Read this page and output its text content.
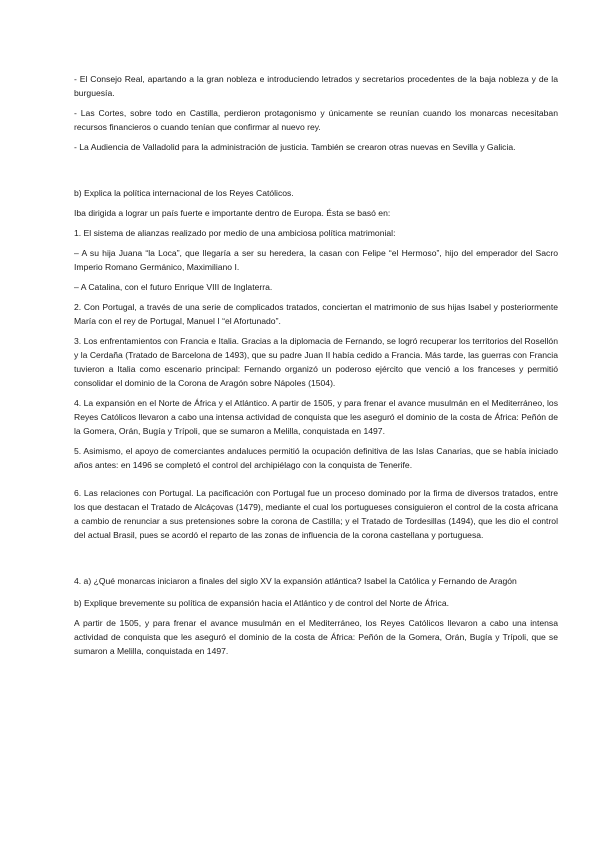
- El Consejo Real, apartando a la gran nobleza e introduciendo letrados y secretarios procedentes de la baja nobleza y de la burguesía.

- Las Cortes, sobre todo en Castilla, perdieron protagonismo y únicamente se reunían cuando los monarcas necesitaban recursos financieros o cuando tenían que confirmar al nuevo rey.

- La Audiencia de Valladolid para la administración de justicia. También se crearon otras nuevas en Sevilla y Galicia.

b) Explica la política internacional de los Reyes Católicos.

Iba dirigida a lograr un país fuerte e importante dentro de Europa. Ésta se basó en:

1. El sistema de alianzas realizado por medio de una ambiciosa política matrimonial:

– A su hija Juana “la Loca”, que llegaría a ser su heredera, la casan con Felipe “el Hermoso”, hijo del emperador del Sacro Imperio Romano Germánico, Maximiliano I.

– A Catalina, con el futuro Enrique VIII de Inglaterra.

2. Con Portugal, a través de una serie de complicados tratados, conciertan el matrimonio de sus hijas Isabel y posteriormente María con el rey de Portugal, Manuel I “el Afortunado”.

3. Los enfrentamientos con Francia e Italia. Gracias a la diplomacia de Fernando, se logró recuperar los territorios del Rosellón y la Cerdaña (Tratado de Barcelona de 1493), que su padre Juan II había cedido a Francia. Más tarde, las guerras con Francia tuvieron a Italia como escenario principal: Fernando organizó un poderoso ejército que venció a los franceses y permitió consolidar el dominio de la Corona de Aragón sobre Nápoles (1504).

4. La expansión en el Norte de África y el Atlántico. A partir de 1505, y para frenar el avance musulmán en el Mediterráneo, los Reyes Católicos llevaron a cabo una intensa actividad de conquista que les aseguró el dominio de la costa de África: Peñón de la Gomera, Orán, Bugía y Trípoli, que se sumaron a Melilla, conquistada en 1497.

5. Asimismo, el apoyo de comerciantes andaluces permitió la ocupación definitiva de las Islas Canarias, que se había iniciado años antes: en 1496 se completó el control del archipiélago con la conquista de Tenerife.

6. Las relaciones con Portugal. La pacificación con Portugal fue un proceso dominado por la firma de diversos tratados, entre los que destacan el Tratado de Alcáçovas (1479), mediante el cual los portugueses consiguieron el control de la costa africana a cambio de renunciar a sus pretensiones sobre la corona de Castilla; y el Tratado de Tordesillas (1494), que les dio el control del actual Brasil, pues se acordó el reparto de las zonas de influencia de la corona castellana y portuguesa.

4. a) ¿Qué monarcas iniciaron a finales del siglo XV la expansión atlántica? Isabel la Católica y Fernando de Aragón

b) Explique brevemente su política de expansión hacia el Atlántico y de control del Norte de África.

A partir de 1505, y para frenar el avance musulmán en el Mediterráneo, los Reyes Católicos llevaron a cabo una intensa actividad de conquista que les aseguró el dominio de la costa de África: Peñón de la Gomera, Orán, Bugía y Trípoli, que se sumaron a Melilla, conquistada en 1497.
